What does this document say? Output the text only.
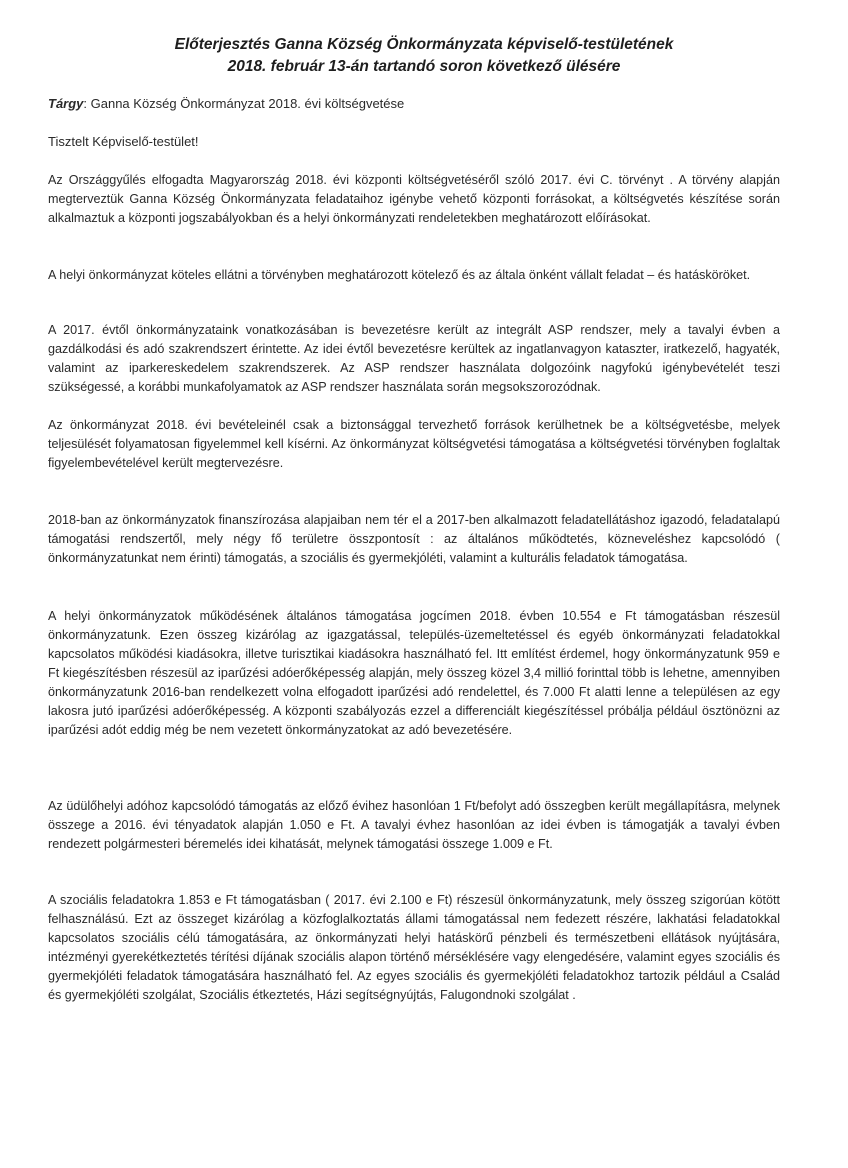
Előterjesztés Ganna Község Önkormányzata képviselő-testületének
2018. február 13-án tartandó soron következő ülésére
Tárgy: Ganna Község Önkormányzat 2018. évi költségvetése
Tisztelt Képviselő-testület!

Az Országgyűlés elfogadta Magyarország 2018. évi központi költségvetéséről szóló 2017. évi C. törvényt . A törvény alapján megterveztük Ganna Község Önkormányzata feladataihoz igénybe vehető központi forrásokat, a költségvetés készítése során alkalmaztuk a központi jogszabályokban és a helyi önkormányzati rendeletekben meghatározott előírásokat.

A helyi önkormányzat köteles ellátni a törvényben meghatározott kötelező és az általa önként vállalt feladat – és hatásköröket.

A 2017. évtől önkormányzataink vonatkozásában is bevezetésre került az integrált ASP rendszer, mely a tavalyi évben a gazdálkodási és adó szakrendszert érintette. Az idei évtől bevezetésre kerültek az ingatlanvagyon kataszter, iratkezelő, hagyaték, valamint az iparkereskedelem szakrendszerek. Az ASP rendszer használata dolgozóink nagyfokú igénybevételét teszi szükségessé, a korábbi munkafolyamatok az ASP rendszer használata során megsokszorozódnak.

Az önkormányzat 2018. évi bevételeinél csak a biztonsággal tervezhető források kerülhetnek be a költségvetésbe, melyek teljesülését folyamatosan figyelemmel kell kísérni. Az önkormányzat költségvetési támogatása a költségvetési törvényben foglaltak figyelembevételével került megtervezésre.

2018-ban az önkormányzatok finanszírozása alapjaiban nem tér el a 2017-ben alkalmazott feladatellátáshoz igazodó, feladatalapú támogatási rendszertől, mely négy fő területre összpontosít : az általános működtetés, közneveléshez kapcsolódó ( önkormányzatunkat nem érinti) támogatás, a szociális és gyermekjóléti, valamint a kulturális feladatok támogatása.

A helyi önkormányzatok működésének általános támogatása jogcímen 2018. évben 10.554 e Ft támogatásban részesül önkormányzatunk. Ezen összeg kizárólag az igazgatással, település-üzemeltetéssel és egyéb önkormányzati feladatokkal kapcsolatos működési kiadásokra, illetve turisztikai kiadásokra használható fel. Itt említést érdemel, hogy önkormányzatunk 959 e Ft kiegészítésben részesül az iparűzési adóerőképesség alapján, mely összeg közel 3,4 millió forinttal több is lehetne, amennyiben önkormányzatunk 2016-ban rendelkezett volna elfogadott iparűzési adó rendelettel, és 7.000 Ft alatti lenne a településen az egy lakosra jutó iparűzési adóerőképesség. A központi szabályozás ezzel a differenciált kiegészítéssel próbálja például ösztönözni az iparűzési adót eddig még be nem vezetett önkormányzatokat az adó bevezetésére.

Az üdülőhelyi adóhoz kapcsolódó támogatás az előző évihez hasonlóan 1 Ft/befolyt adó összegben került megállapításra, melynek összege a 2016. évi tényadatok alapján 1.050 e Ft. A tavalyi évhez hasonlóan az idei évben is támogatják a tavalyi évben rendezett polgármesteri béremelés idei kihatását, melynek támogatási összege 1.009 e Ft.

A szociális feladatokra 1.853 e Ft támogatásban ( 2017. évi 2.100 e Ft) részesül önkormányzatunk, mely összeg szigorúan kötött felhasználású. Ezt az összeget kizárólag a közfoglalkoztatás állami támogatással nem fedezett részére, lakhatási feladatokkal kapcsolatos szociális célú támogatására, az önkormányzati helyi hatáskörű pénzbeli és természetbeni ellátások nyújtására, intézményi gyerekétkeztetés térítési díjának szociális alapon történő mérséklésére vagy elengedésére, valamint egyes szociális és gyermekjóléti feladatok támogatására használható fel. Az egyes szociális és gyermekjóléti feladatokhoz tartozik például a Család és gyermekjóléti szolgálat, Szociális étkeztetés, Házi segítségnyújtás, Falugondnoki szolgálat .
